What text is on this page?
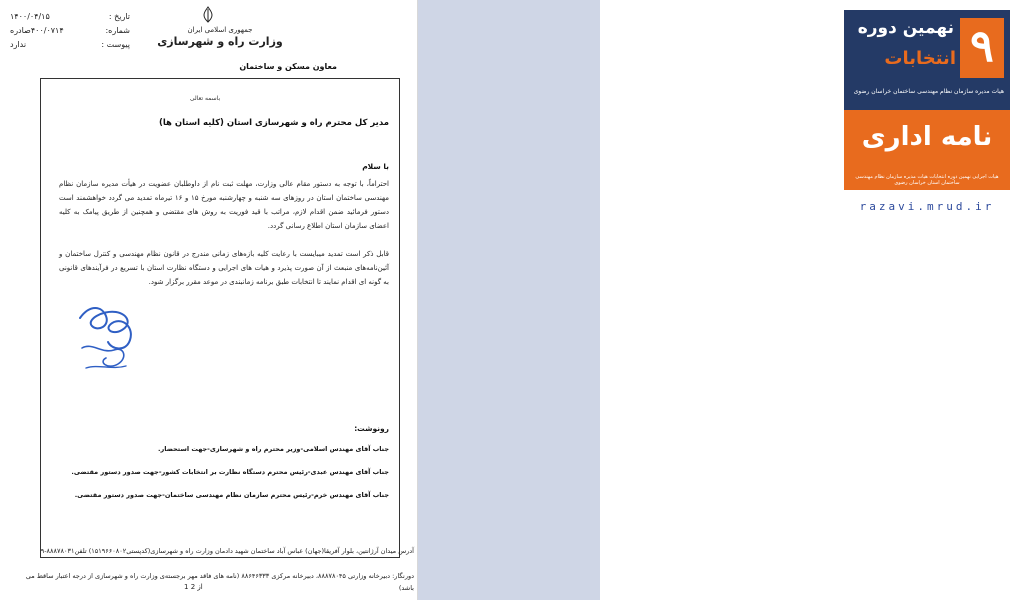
تاریخ :
۱۴۰۰/۰۴/۱۵
شماره:
۴۰۰/۰۷۱۴صادره
پیوست :
ندارد
جمهوری اسلامی ایران
وزارت راه و شهرسازی
معاون مسکن و ساختمان
باسمه تعالی
مدیر کل محترم راه و شهرسازی استان (کلیه استان ها)
با سلام
احتراماً، با توجه به دستور مقام عالی وزارت، مهلت ثبت نام از داوطلبان عضویت در هیأت مدیره سازمان نظام مهندسی ساختمان استان در روزهای سه شنبه و چهارشنبه مورخ ۱۵ و ۱۶ تیرماه تمدید می گردد خواهشمند است دستور فرمائید ضمن اقدام لازم، مراتب با قید فوریت به روش های مقتضی و همچنین از طریق پیامک به کلیه اعضای سازمان استان اطلاع رسانی گردد.
قابل ذکر است تمدید میبایست با رعایت کلیه بازه‌های زمانی مندرج در قانون نظام مهندسی و کنترل ساختمان و آئین‌نامه‌های منبعث از آن صورت پذیرد و هیات های اجرایی و دستگاه نظارت استان با تسریع در فرآیندهای قانونی به گونه ای اقدام نمایند تا انتخابات طبق برنامه زمانبندی در موعد مقرر برگزار شود.
رونوشت:
جناب آقای مهندس اسلامی-وزیر محترم راه و شهرسازی-جهت استحضار.
جناب آقای مهندس عبدی-رئیس محترم دستگاه نظارت بر انتخابات کشور-جهت صدور دستور مقتضی.
جناب آقای مهندس خرم-رئیس محترم سازمان نظام مهندسی ساختمان-جهت صدور دستور مقتضی.
آدرس میدان آرژانتین، بلوار آفریقا(جهان) عباس آباد ساختمان شهید دادمان وزارت راه و شهرسازی(کدپستی۱۵۱۹۶۶۰۸۰۲) تلفن۸۸۸۷۸۰۳۱-۹
دورنگار: دبیرخانه وزارتی ۸۸۸۷۸۰۴۵، دبیرخانه مرکزی ۸۸۶۴۶۳۳۳ (نامه های فاقد مهر برجسته‌ی وزارت راه و شهرسازی از درجه اعتبار ساقط می باشد)
1 از 2
۹
نهمین دوره
انتخابات
هیات مدیره سازمان نظام مهندسی ساختمان خراسان رضوی
نامه اداری
هیات اجرایی نهمین دوره انتخابات هیات مدیره سازمان نظام مهندسی ساختمان استان خراسان رضوی
razavi.mrud.ir
